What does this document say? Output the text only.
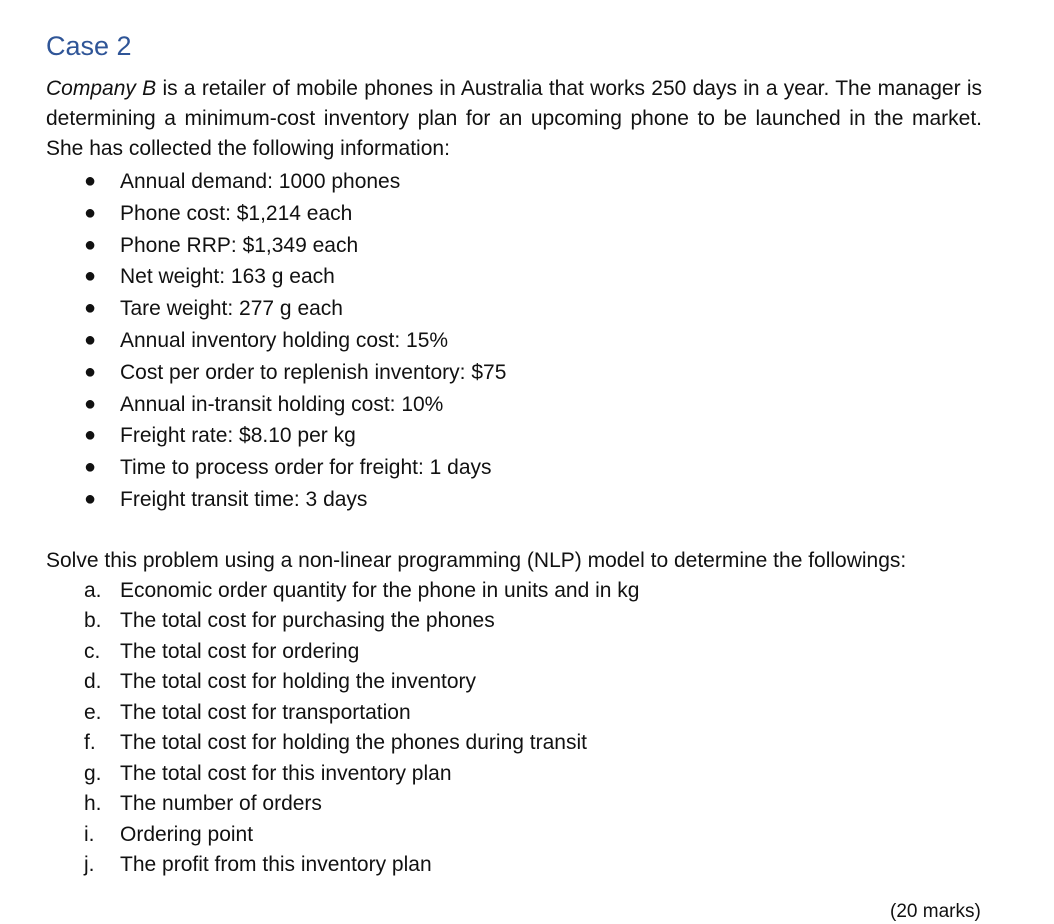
Case 2

Company B is a retailer of mobile phones in Australia that works 250 days in a year. The manager is determining a minimum-cost inventory plan for an upcoming phone to be launched in the market. She has collected the following information:

● Annual demand: 1000 phones
● Phone cost: $1,214 each
● Phone RRP: $1,349 each
● Net weight: 163 g each
● Tare weight: 277 g each
● Annual inventory holding cost: 15%
● Cost per order to replenish inventory: $75
● Annual in-transit holding cost: 10%
● Freight rate: $8.10 per kg
● Time to process order for freight: 1 days
● Freight transit time: 3 days

Solve this problem using a non-linear programming (NLP) model to determine the followings:

a. Economic order quantity for the phone in units and in kg
b. The total cost for purchasing the phones
c. The total cost for ordering
d. The total cost for holding the inventory
e. The total cost for transportation
f. The total cost for holding the phones during transit
g. The total cost for this inventory plan
h. The number of orders
i. Ordering point
j. The profit from this inventory plan
(20 marks)
